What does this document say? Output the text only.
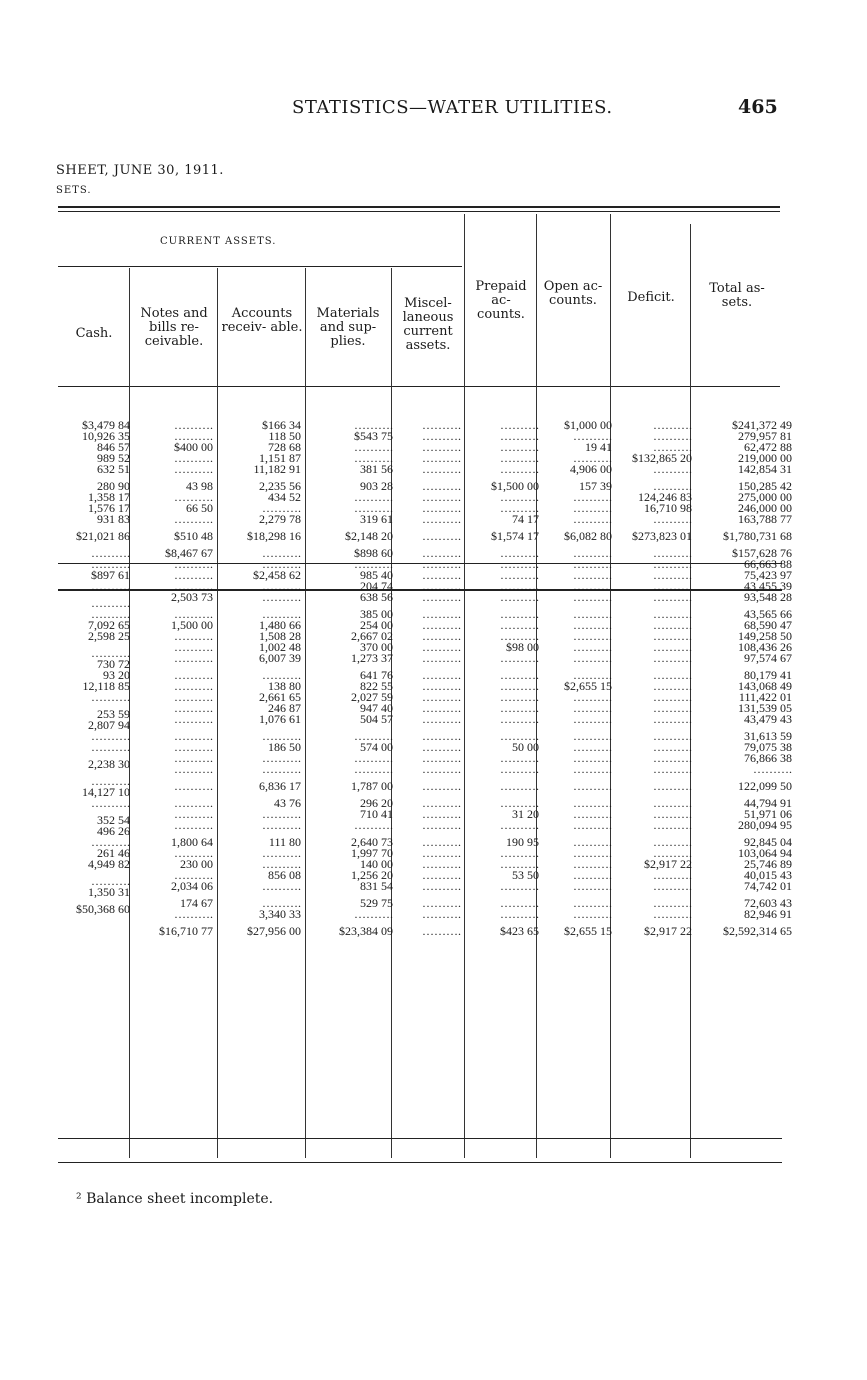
STATISTICS—WATER UTILITIES.	465
SHEET, JUNE 30, 1911.
SETS.
CURRENT ASSETS.
Cash.
Notes and bills re- ceivable.
Accounts receiv- able.
Materials and sup- plies.
Miscel- laneous current assets.
Prepaid ac- counts.
Open ac- counts.	Deficit.
Total as- sets.
$3,479 84
10,926 35
846 57
989 52
632 51
280 90
1,358 17
1,576 17
931 83
$21,021 86
……….
……….
$897 61
……….
……….
……….
7,092 65
2,598 25
……….
730 72
93 20
12,118 85
……….
253 59
2,807 94
……….
……….
2,238 30
……….
14,127 10
……….
352 54
496 26
……….
261 46
4,949 82
……….
1,350 31
$50,368 60
……….
……….
$400 00
……….
……….
43 98
……….
66 50
……….
$510 48
$8,467 67
……….
……….
……….
2,503 73
……….
1,500 00
……….
……….
……….
……….
……….
……….
……….
……….
……….
……….
……….
……….
……….
……….
……….
……….
1,800 64
……….
230 00
……….
2,034 06
174 67
……….
$16,710 77
$166 34
118 50
728 68
1,151 87
11,182 91
2,235 56
434 52
……….
2,279 78
$18,298 16
……….
……….
$2,458 62
……….
……….
……….
1,480 66
1,508 28
1,002 48
6,007 39
……….
138 80
2,661 65
246 87
1,076 61
……….
186 50
……….
……….
6,836 17
43 76
……….
……….
111 80
……….
……….
856 08
……….
……….
3,340 33
$27,956 00
……….
$543 75
……….
……….
381 56
903 28
……….
……….
319 61
$2,148 20
$898 60
……….
985 40
204 74
638 56
385 00
254 00
2,667 02
370 00
1,273 37
641 76
822 55
2,027 59
947 40
504 57
……….
574 00
……….
……….
1,787 00
296 20
710 41
……….
2,640 73
1,997 70
140 00
1,256 20
831 54
529 75
……….
$23,384 09
……….
……….
……….
……….
……….
……….
……….
……….
……….
……….
……….
……….
……….
……….
……….
……….
……….
……….
……….
……….
……….
……….
……….
……….
……….
……….
……….
……….
……….
……….
……….
……….
……….
……….
……….
……….
……….
……….
……….
……….
……….
……….
……….
……….
……….
……….
$1,500 00
……….
……….
74 17
$1,574 17
……….
……….
……….
……….
……….
……….
……….
……….
$98 00
……….
……….
……….
……….
……….
……….
……….
50 00
……….
……….
……….
……….
31 20
……….
190 95
……….
……….
53 50
……….
……….
……….
$423 65
$1,000 00
……….
19 41
……….
4,906 00
157 39
……….
……….
……….
$6,082 80
……….
……….
……….
……….
……….
……….
……….
……….
……….
……….
……….
$2,655 15
……….
……….
……….
……….
……….
……….
……….
……….
……….
……….
……….
……….
……….
……….
……….
……….
……….
……….
$2,655 15
……….
……….
……….
$132,865 20
……….
……….
124,246 83
16,710 98
……….
$273,823 01
……….
……….
……….
……….
……….
……….
……….
……….
……….
……….
……….
……….
……….
……….
……….
……….
……….
……….
……….
……….
……….
……….
……….
……….
……….
$2,917 22
……….
……….
……….
……….
$2,917 22
$241,372 49
279,957 81
62,472 88
219,000 00
142,854 31
150,285 42
275,000 00
246,000 00
163,788 77
$1,780,731 68
$157,628 76
66,663 88
75,423 97
43,455 39
93,548 28
43,565 66
68,590 47
149,258 50
108,436 26
97,574 67
80,179 41
143,068 49
111,422 01
131,539 05
43,479 43
31,613 59
79,075 38
76,866 38
……….
122,099 50
44,794 91
51,971 06
280,094 95
92,845 04
103,064 94
25,746 89
40,015 43
74,742 01
72,603 43
82,946 91
$2,592,314 65
² Balance sheet incomplete.
